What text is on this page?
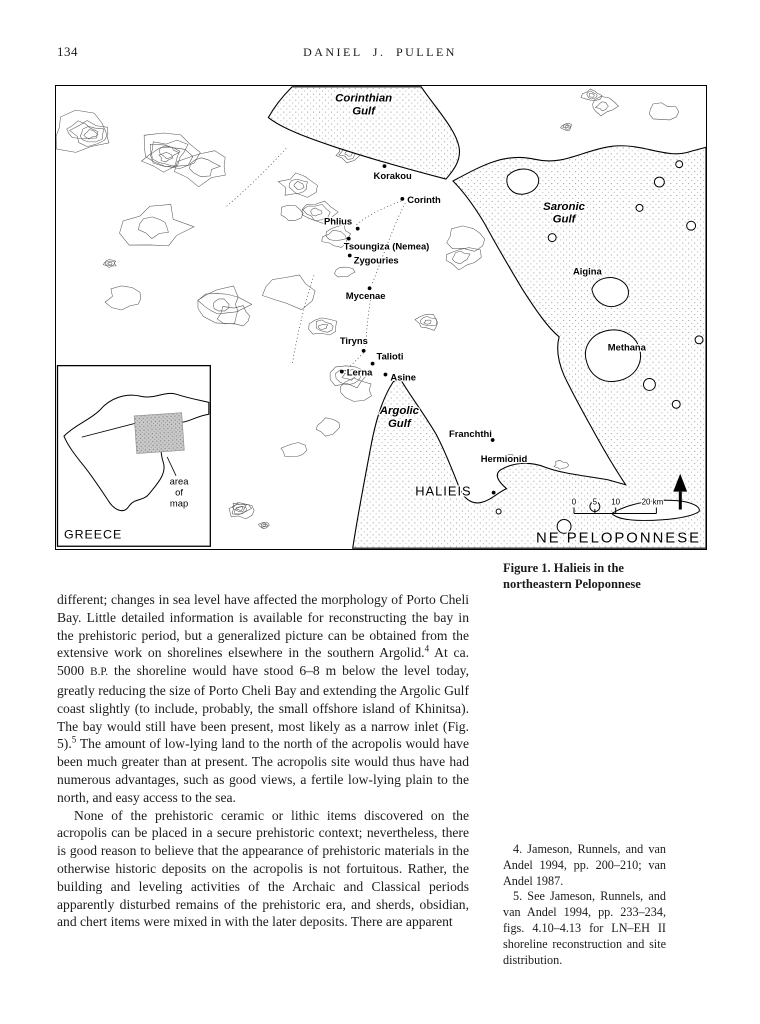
134	DANIEL J. PULLEN
area
of
map
GREECE
Corinthian
Gulf
Korakou
Corinth
Saronic
Gulf
Phlius
Tsoungiza (Nemea)
Zygouries
Mycenae
Aigina
Tiryns
Talioti
Lerna Asine
Methana
Argolic
Gulf
Franchthi
Hermionid
HALIEIS
NE PELOPONNESE
0 5 10	20 km
Figure 1. Halieis in the northeastern Peloponnese

different; changes in sea level have affected the morphology of Porto Cheli Bay. Little detailed information is available for reconstructing the bay in the prehistoric period, but a generalized picture can be obtained from the extensive work on shorelines elsewhere in the southern Argolid.$^4$ At ca. 5000 B.P. the shoreline would have stood 6–8 m below the level today, greatly reducing the size of Porto Cheli Bay and extending the Argolic Gulf coast slightly (to include, probably, the small offshore island of Khinitsa). The bay would still have been present, most likely as a narrow inlet (Fig. 5).$^5$ The amount of low-lying land to the north of the acropolis would have been much greater than at present. The acropolis site would thus have had numerous advantages, such as good views, a fertile low-lying plain to the north, and easy access to the sea.

None of the prehistoric ceramic or lithic items discovered on the acropolis can be placed in a secure prehistoric context; nevertheless, there is good reason to believe that the appearance of prehistoric materials in the otherwise historic deposits on the acropolis is not fortuitous. Rather, the building and leveling activities of the Archaic and Classical periods apparently disturbed remains of the prehistoric era, and sherds, obsidian, and chert items were mixed in with the later deposits. There are apparent

4. Jameson, Runnels, and van Andel 1994, pp. 200–210; van Andel 1987.

5. See Jameson, Runnels, and van Andel 1994, pp. 233–234, figs. 4.10–4.13 for LN–EH II shoreline reconstruction and site distribution.
